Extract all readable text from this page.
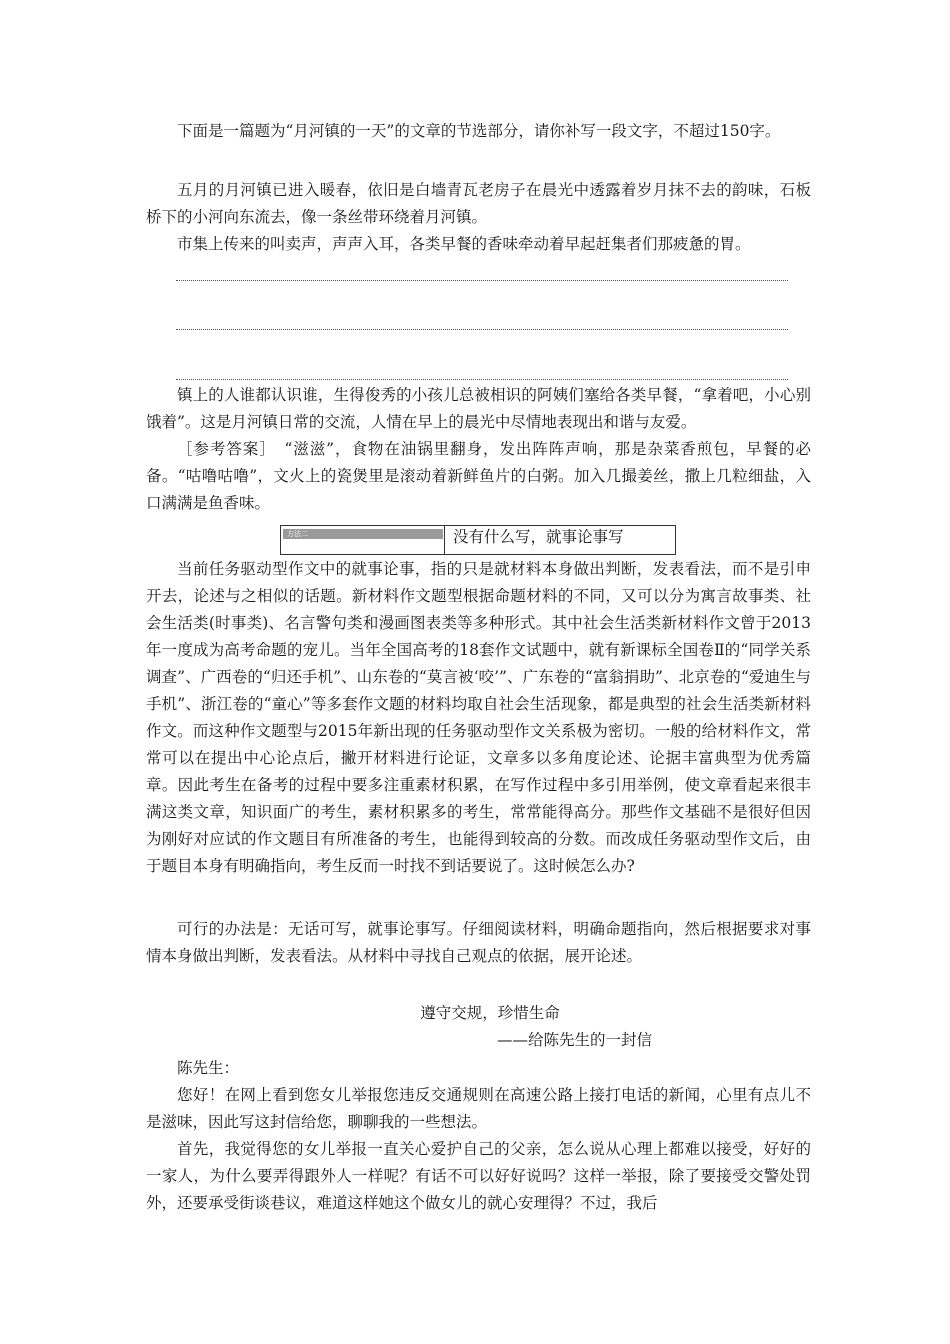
下面是一篇题为“月河镇的一天”的文章的节选部分，请你补写一段文字，不超过150字。

五月的月河镇已进入暖春，依旧是白墙青瓦老房子在晨光中透露着岁月抹不去的韵味，石板桥下的小河向东流去，像一条丝带环绕着月河镇。

市集上传来的叫卖声，声声入耳，各类早餐的香味牵动着早起赶集者们那疲惫的胃。

镇上的人谁都认识谁，生得俊秀的小孩儿总被相识的阿姨们塞给各类早餐，“拿着吧，小心别饿着”。这是月河镇日常的交流，人情在早上的晨光中尽情地表现出和谐与友爱。

［参考答案］　“滋滋”，食物在油锅里翻身，发出阵阵声响，那是杂菜香煎包，早餐的必备。“咕噜咕噜”，文火上的瓷煲里是滚动着新鲜鱼片的白粥。加入几撮姜丝，撒上几粒细盐，入口满满是鱼香味。

方法二	没有什么写，就事论事写

当前任务驱动型作文中的就事论事，指的只是就材料本身做出判断，发表看法，而不是引申开去，论述与之相似的话题。新材料作文题型根据命题材料的不同，又可以分为寓言故事类、社会生活类(时事类)、名言警句类和漫画图表类等多种形式。其中社会生活类新材料作文曾于2013年一度成为高考命题的宠儿。当年全国高考的18套作文试题中，就有新课标全国卷Ⅱ的“同学关系调查”、广西卷的“归还手机”、山东卷的“莫言被‘咬’”、广东卷的“富翁捐助”、北京卷的“爱迪生与手机”、浙江卷的“童心”等多套作文题的材料均取自社会生活现象，都是典型的社会生活类新材料作文。而这种作文题型与2015年新出现的任务驱动型作文关系极为密切。一般的给材料作文，常常可以在提出中心论点后，撇开材料进行论证，文章多以多角度论述、论据丰富典型为优秀篇章。因此考生在备考的过程中要多注重素材积累，在写作过程中多引用举例，使文章看起来很丰满这类文章，知识面广的考生，素材积累多的考生，常常能得高分。那些作文基础不是很好但因为刚好对应试的作文题目有所准备的考生，也能得到较高的分数。而改成任务驱动型作文后，由于题目本身有明确指向，考生反而一时找不到话要说了。这时候怎么办?

可行的办法是：无话可写，就事论事写。仔细阅读材料，明确命题指向，然后根据要求对事情本身做出判断，发表看法。从材料中寻找自己观点的依据，展开论述。

遵守交规，珍惜生命
——给陈先生的一封信
陈先生：

您好！在网上看到您女儿举报您违反交通规则在高速公路上接打电话的新闻，心里有点儿不是滋味，因此写这封信给您，聊聊我的一些想法。

首先，我觉得您的女儿举报一直关心爱护自己的父亲，怎么说从心理上都难以接受，好好的一家人，为什么要弄得跟外人一样呢？有话不可以好好说吗？这样一举报，除了要接受交警处罚外，还要承受街谈巷议，难道这样她这个做女儿的就心安理得？不过，我后
